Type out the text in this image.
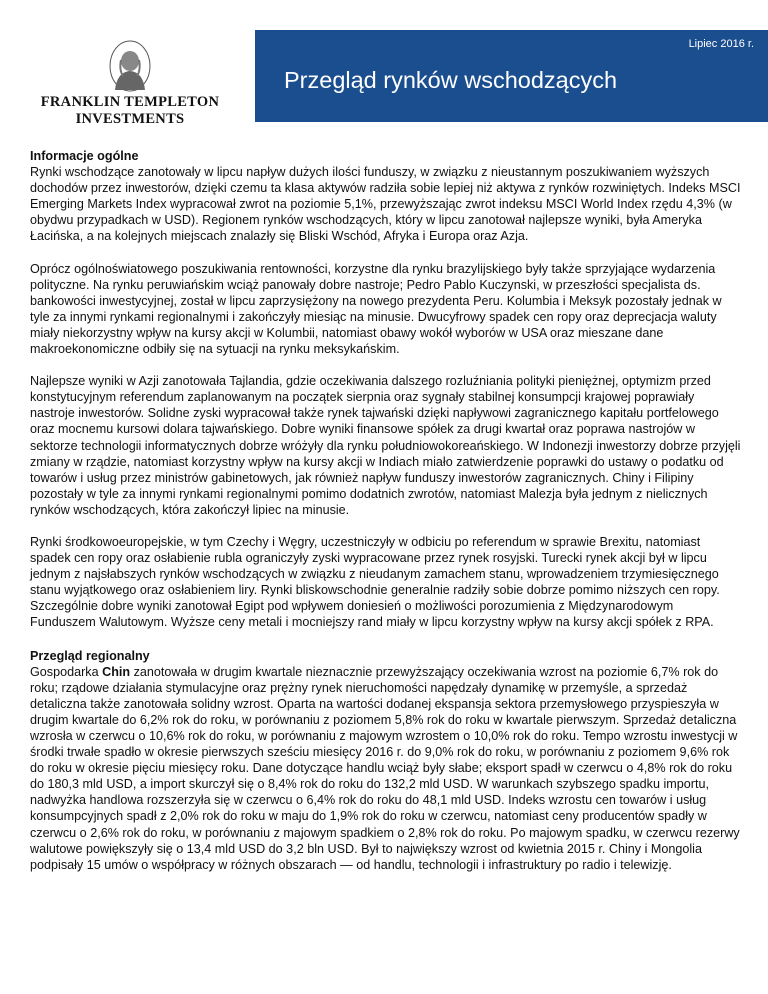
FRANKLIN TEMPLETON
INVESTMENTS
Lipiec 2016 r.
Przegląd rynków wschodzących
Informacje ogólne

Rynki wschodzące zanotowały w lipcu napływ dużych ilości funduszy, w związku z nieustannym poszukiwaniem wyższych dochodów przez inwestorów, dzięki czemu ta klasa aktywów radziła sobie lepiej niż aktywa z rynków rozwiniętych. Indeks MSCI Emerging Markets Index wypracował zwrot na poziomie 5,1%, przewyższając zwrot indeksu MSCI World Index rzędu 4,3% (w obydwu przypadkach w USD). Regionem rynków wschodzących, który w lipcu zanotował najlepsze wyniki, była Ameryka Łacińska, a na kolejnych miejscach znalazły się Bliski Wschód, Afryka i Europa oraz Azja.

Oprócz ogólnoświatowego poszukiwania rentowności, korzystne dla rynku brazylijskiego były także sprzyjające wydarzenia polityczne. Na rynku peruwiańskim wciąż panowały dobre nastroje; Pedro Pablo Kuczynski, w przeszłości specjalista ds. bankowości inwestycyjnej, został w lipcu zaprzysiężony na nowego prezydenta Peru. Kolumbia i Meksyk pozostały jednak w tyle za innymi rynkami regionalnymi i zakończyły miesiąc na minusie. Dwucyfrowy spadek cen ropy oraz deprecjacja waluty miały niekorzystny wpływ na kursy akcji w Kolumbii, natomiast obawy wokół wyborów w USA oraz mieszane dane makroekonomiczne odbiły się na sytuacji na rynku meksykańskim.

Najlepsze wyniki w Azji zanotowała Tajlandia, gdzie oczekiwania dalszego rozluźniania polityki pieniężnej, optymizm przed konstytucyjnym referendum zaplanowanym na początek sierpnia oraz sygnały stabilnej konsumpcji krajowej poprawiały nastroje inwestorów. Solidne zyski wypracował także rynek tajwański dzięki napływowi zagranicznego kapitału portfelowego oraz mocnemu kursowi dolara tajwańskiego. Dobre wyniki finansowe spółek za drugi kwartał oraz poprawa nastrojów w sektorze technologii informatycznych dobrze wróżyły dla rynku południowokoreańskiego. W Indonezji inwestorzy dobrze przyjęli zmiany w rządzie, natomiast korzystny wpływ na kursy akcji w Indiach miało zatwierdzenie poprawki do ustawy o podatku od towarów i usług przez ministrów gabinetowych, jak również napływ funduszy inwestorów zagranicznych. Chiny i Filipiny pozostały w tyle za innymi rynkami regionalnymi pomimo dodatnich zwrotów, natomiast Malezja była jednym z nielicznych rynków wschodzących, która zakończył lipiec na minusie.

Rynki środkowoeuropejskie, w tym Czechy i Węgry, uczestniczyły w odbiciu po referendum w sprawie Brexitu, natomiast spadek cen ropy oraz osłabienie rubla ograniczyły zyski wypracowane przez rynek rosyjski. Turecki rynek akcji był w lipcu jednym z najsłabszych rynków wschodzących w związku z nieudanym zamachem stanu, wprowadzeniem trzymiesięcznego stanu wyjątkowego oraz osłabieniem liry. Rynki bliskowschodnie generalnie radziły sobie dobrze pomimo niższych cen ropy. Szczególnie dobre wyniki zanotował Egipt pod wpływem doniesień o możliwości porozumienia z Międzynarodowym Funduszem Walutowym. Wyższe ceny metali i mocniejszy rand miały w lipcu korzystny wpływ na kursy akcji spółek z RPA.

Przegląd regionalny

Gospodarka Chin zanotowała w drugim kwartale nieznacznie przewyższający oczekiwania wzrost na poziomie 6,7% rok do roku; rządowe działania stymulacyjne oraz prężny rynek nieruchomości napędzały dynamikę w przemyśle, a sprzedaż detaliczna także zanotowała solidny wzrost. Oparta na wartości dodanej ekspansja sektora przemysłowego przyspieszyła w drugim kwartale do 6,2% rok do roku, w porównaniu z poziomem 5,8% rok do roku w kwartale pierwszym. Sprzedaż detaliczna wzrosła w czerwcu o 10,6% rok do roku, w porównaniu z majowym wzrostem o 10,0% rok do roku. Tempo wzrostu inwestycji w środki trwałe spadło w okresie pierwszych sześciu miesięcy 2016 r. do 9,0% rok do roku, w porównaniu z poziomem 9,6% rok do roku w okresie pięciu miesięcy roku. Dane dotyczące handlu wciąż były słabe; eksport spadł w czerwcu o 4,8% rok do roku do 180,3 mld USD, a import skurczył się o 8,4% rok do roku do 132,2 mld USD. W warunkach szybszego spadku importu, nadwyżka handlowa rozszerzyła się w czerwcu o 6,4% rok do roku do 48,1 mld USD. Indeks wzrostu cen towarów i usług konsumpcyjnych spadł z 2,0% rok do roku w maju do 1,9% rok do roku w czerwcu, natomiast ceny producentów spadły w czerwcu o 2,6% rok do roku, w porównaniu z majowym spadkiem o 2,8% rok do roku. Po majowym spadku, w czerwcu rezerwy walutowe powiększyły się o 13,4 mld USD do 3,2 bln USD. Był to największy wzrost od kwietnia 2015 r. Chiny i Mongolia podpisały 15 umów o współpracy w różnych obszarach — od handlu, technologii i infrastruktury po radio i telewizję.
